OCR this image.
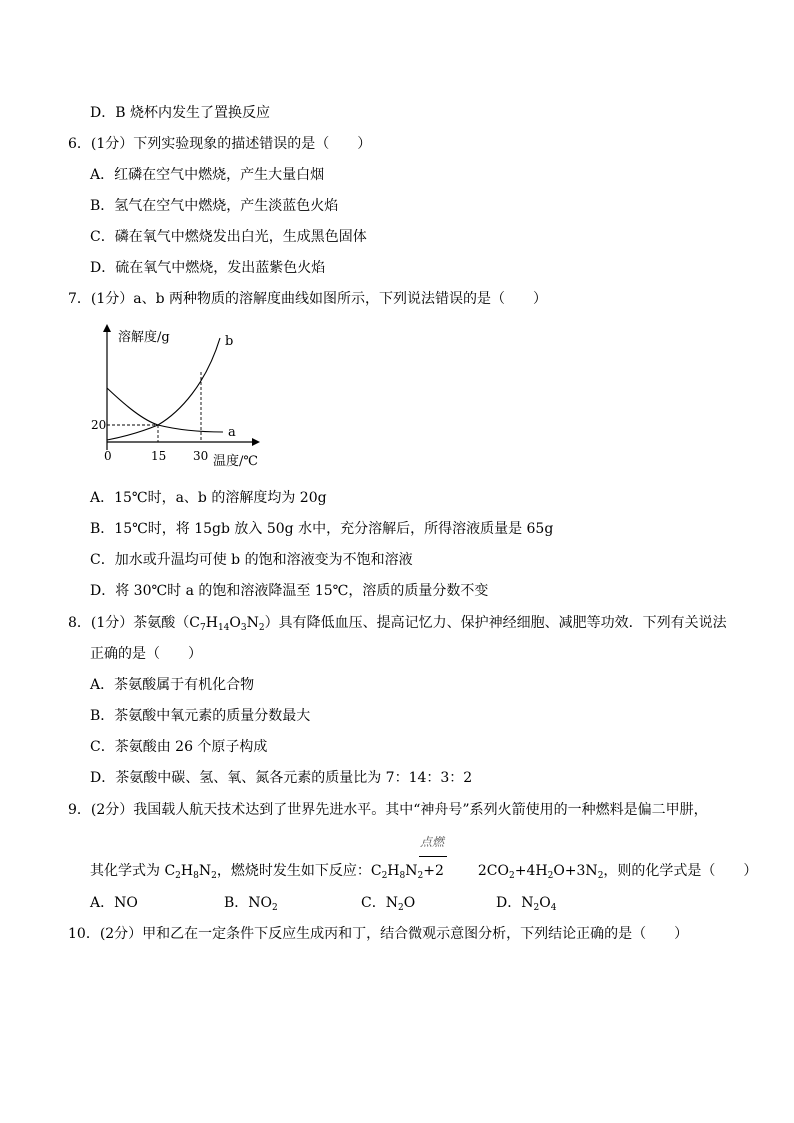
D．B 烧杯内发生了置换反应
6．(1分）下列实验现象的描述错误的是（　　）
A．红磷在空气中燃烧，产生大量白烟
B．氢气在空气中燃烧，产生淡蓝色火焰
C．磷在氧气中燃烧发出白光，生成黑色固体
D．硫在氧气中燃烧，发出蓝紫色火焰
7．(1分）a、b 两种物质的溶解度曲线如图所示，下列说法错误的是（　　）
溶解度/g
温度/℃
0	15 30
20	a
b
A．15℃时，a、b 的溶解度均为 20g
B．15℃时，将 15gb 放入 50g 水中，充分溶解后，所得溶液质量是 65g
C．加水或升温均可使 b 的饱和溶液变为不饱和溶液
D．将 30℃时 a 的饱和溶液降温至 15℃，溶质的质量分数不变
8．(1分）茶氨酸$(C_7H_{14}O_3N_2)$具有降低血压、提高记忆力、保护神经细胞、减肥等功效．下列有关说法
正确的是（　　）
A．茶氨酸属于有机化合物
B．茶氨酸中氧元素的质量分数最大
C．茶氨酸由 26 个原子构成
D．茶氨酸中碳、氢、氧、氮各元素的质量比为 7：14：3：2
9．(2分）我国载人航天技术达到了世界先进水平。其中“神舟号”系列火箭使用的一种燃料是偏二甲肼，
点燃
其化学式为 $C_2H_8N_2$，燃烧时发生如下反应：$C_2H_8N_2+2$ $2CO_2+4H_2O+3N_2$，则的化学式是（　　）
A．NO	B．$NO_2$	C．$N_2O$	D．$N_2O_4$
10．(2分）甲和乙在一定条件下反应生成丙和丁，结合微观示意图分析，下列结论正确的是（　　）
